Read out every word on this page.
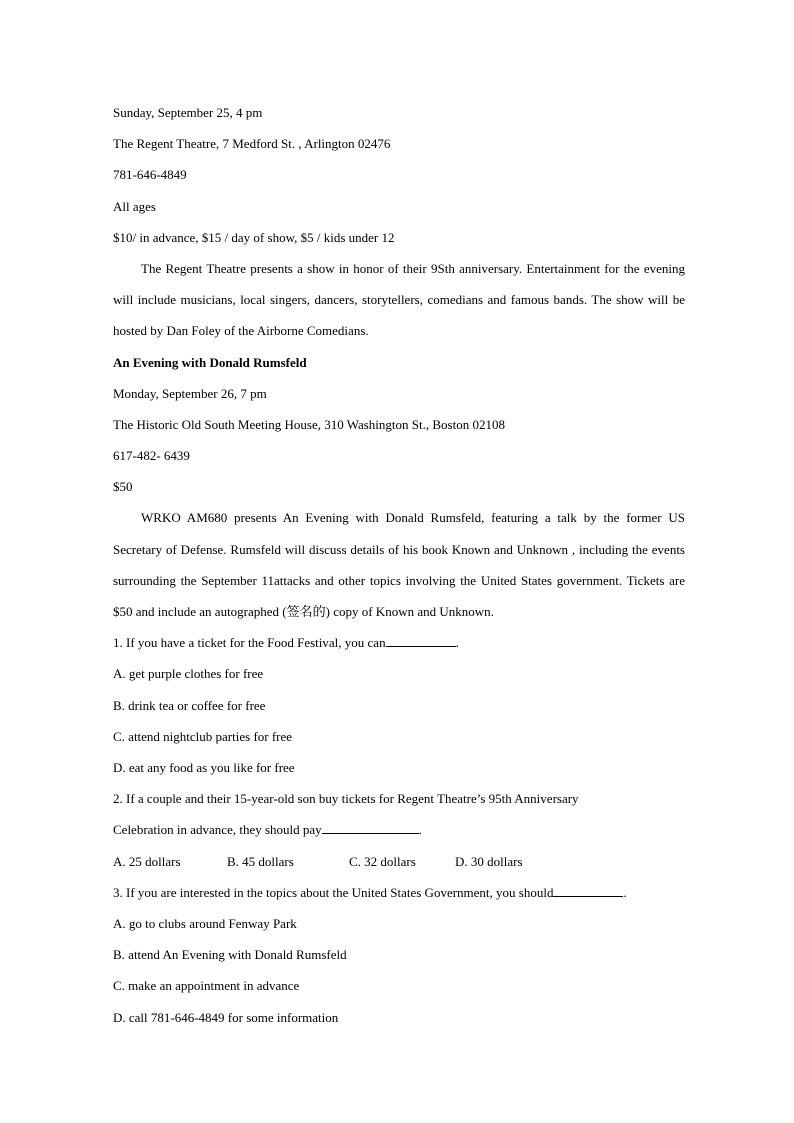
Sunday, September 25, 4 pm
The Regent Theatre, 7 Medford St. , Arlington 02476
781-646-4849
All ages
$10/ in advance, $15 / day of show, $5 / kids under 12
The Regent Theatre presents a show in honor of their 9Sth anniversary. Entertainment for the evening will include musicians, local singers, dancers, storytellers, comedians and famous bands. The show will be hosted by Dan Foley of the Airborne Comedians.
An Evening with Donald Rumsfeld
Monday, September 26, 7 pm
The Historic Old South Meeting House, 310 Washington St., Boston 02108
617-482- 6439
$50
WRKO AM680 presents An Evening with Donald Rumsfeld, featuring a talk by the former US Secretary of Defense. Rumsfeld will discuss details of his book Known and Unknown , including the events surrounding the September 11attacks and other topics involving the United States government. Tickets are $50 and include an autographed (签名的) copy of Known and Unknown.
1. If you have a ticket for the Food Festival, you can	.
A. get purple clothes for free
B. drink tea or coffee for free
C. attend nightclub parties for free
D. eat any food as you like for free
2. If a couple and their 15-year-old son buy tickets for Regent Theatre’s 95th Anniversary
Celebration in advance, they should pay	.
A. 25 dollars	B. 45 dollars	C. 32 dollars	D. 30 dollars
3. If you are interested in the topics about the United States Government, you should	.
A. go to clubs around Fenway Park
B. attend An Evening with Donald Rumsfeld
C. make an appointment in advance
D. call 781-646-4849 for some information
